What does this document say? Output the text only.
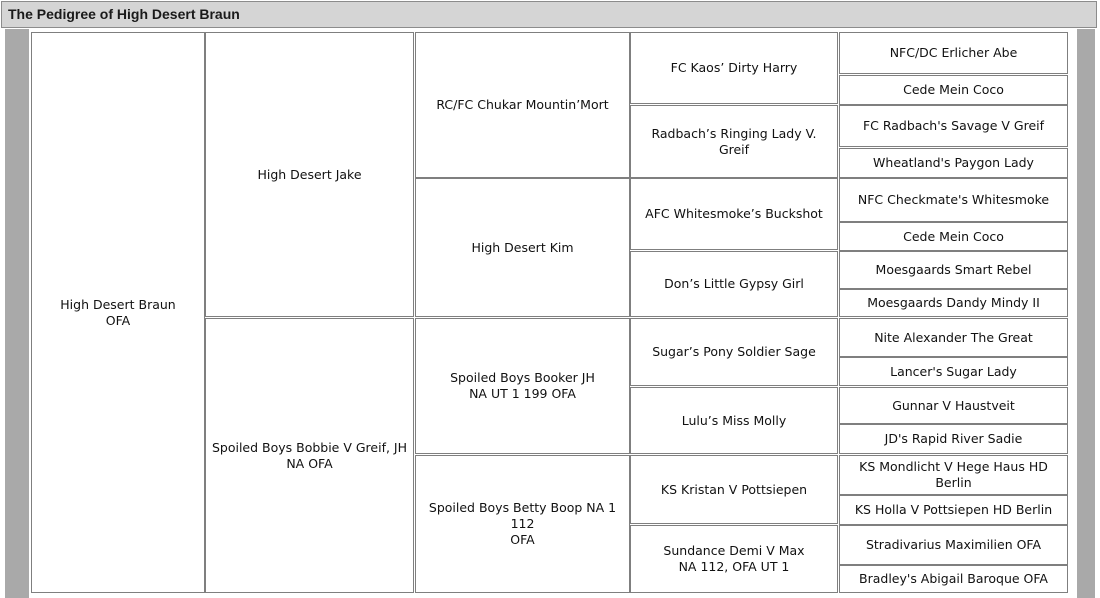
The Pedigree of High Desert Braun
High Desert Braun
OFA
High Desert Jake
Spoiled Boys Bobbie V Greif, JH
NA OFA
RC/FC Chukar Mountin’Mort
High Desert Kim
Spoiled Boys Booker JH
NA UT 1 199 OFA
Spoiled Boys Betty Boop NA 1 112
OFA
FC Kaos’ Dirty Harry
Radbach’s Ringing Lady V. Greif
AFC Whitesmoke’s Buckshot
Don’s Little Gypsy Girl
Sugar’s Pony Soldier Sage
Lulu’s Miss Molly
KS Kristan V Pottsiepen
Sundance Demi V Max
NA 112, OFA UT 1
NFC/DC Erlicher Abe
Cede Mein Coco
FC Radbach's Savage V Greif
Wheatland's Paygon Lady
NFC Checkmate's Whitesmoke
Cede Mein Coco
Moesgaards Smart Rebel
Moesgaards Dandy Mindy II
Nite Alexander The Great
Lancer's Sugar Lady
Gunnar V Haustveit
JD's Rapid River Sadie
KS Mondlicht V Hege Haus HD Berlin
KS Holla V Pottsiepen HD Berlin
Stradivarius Maximilien OFA
Bradley's Abigail Baroque OFA
